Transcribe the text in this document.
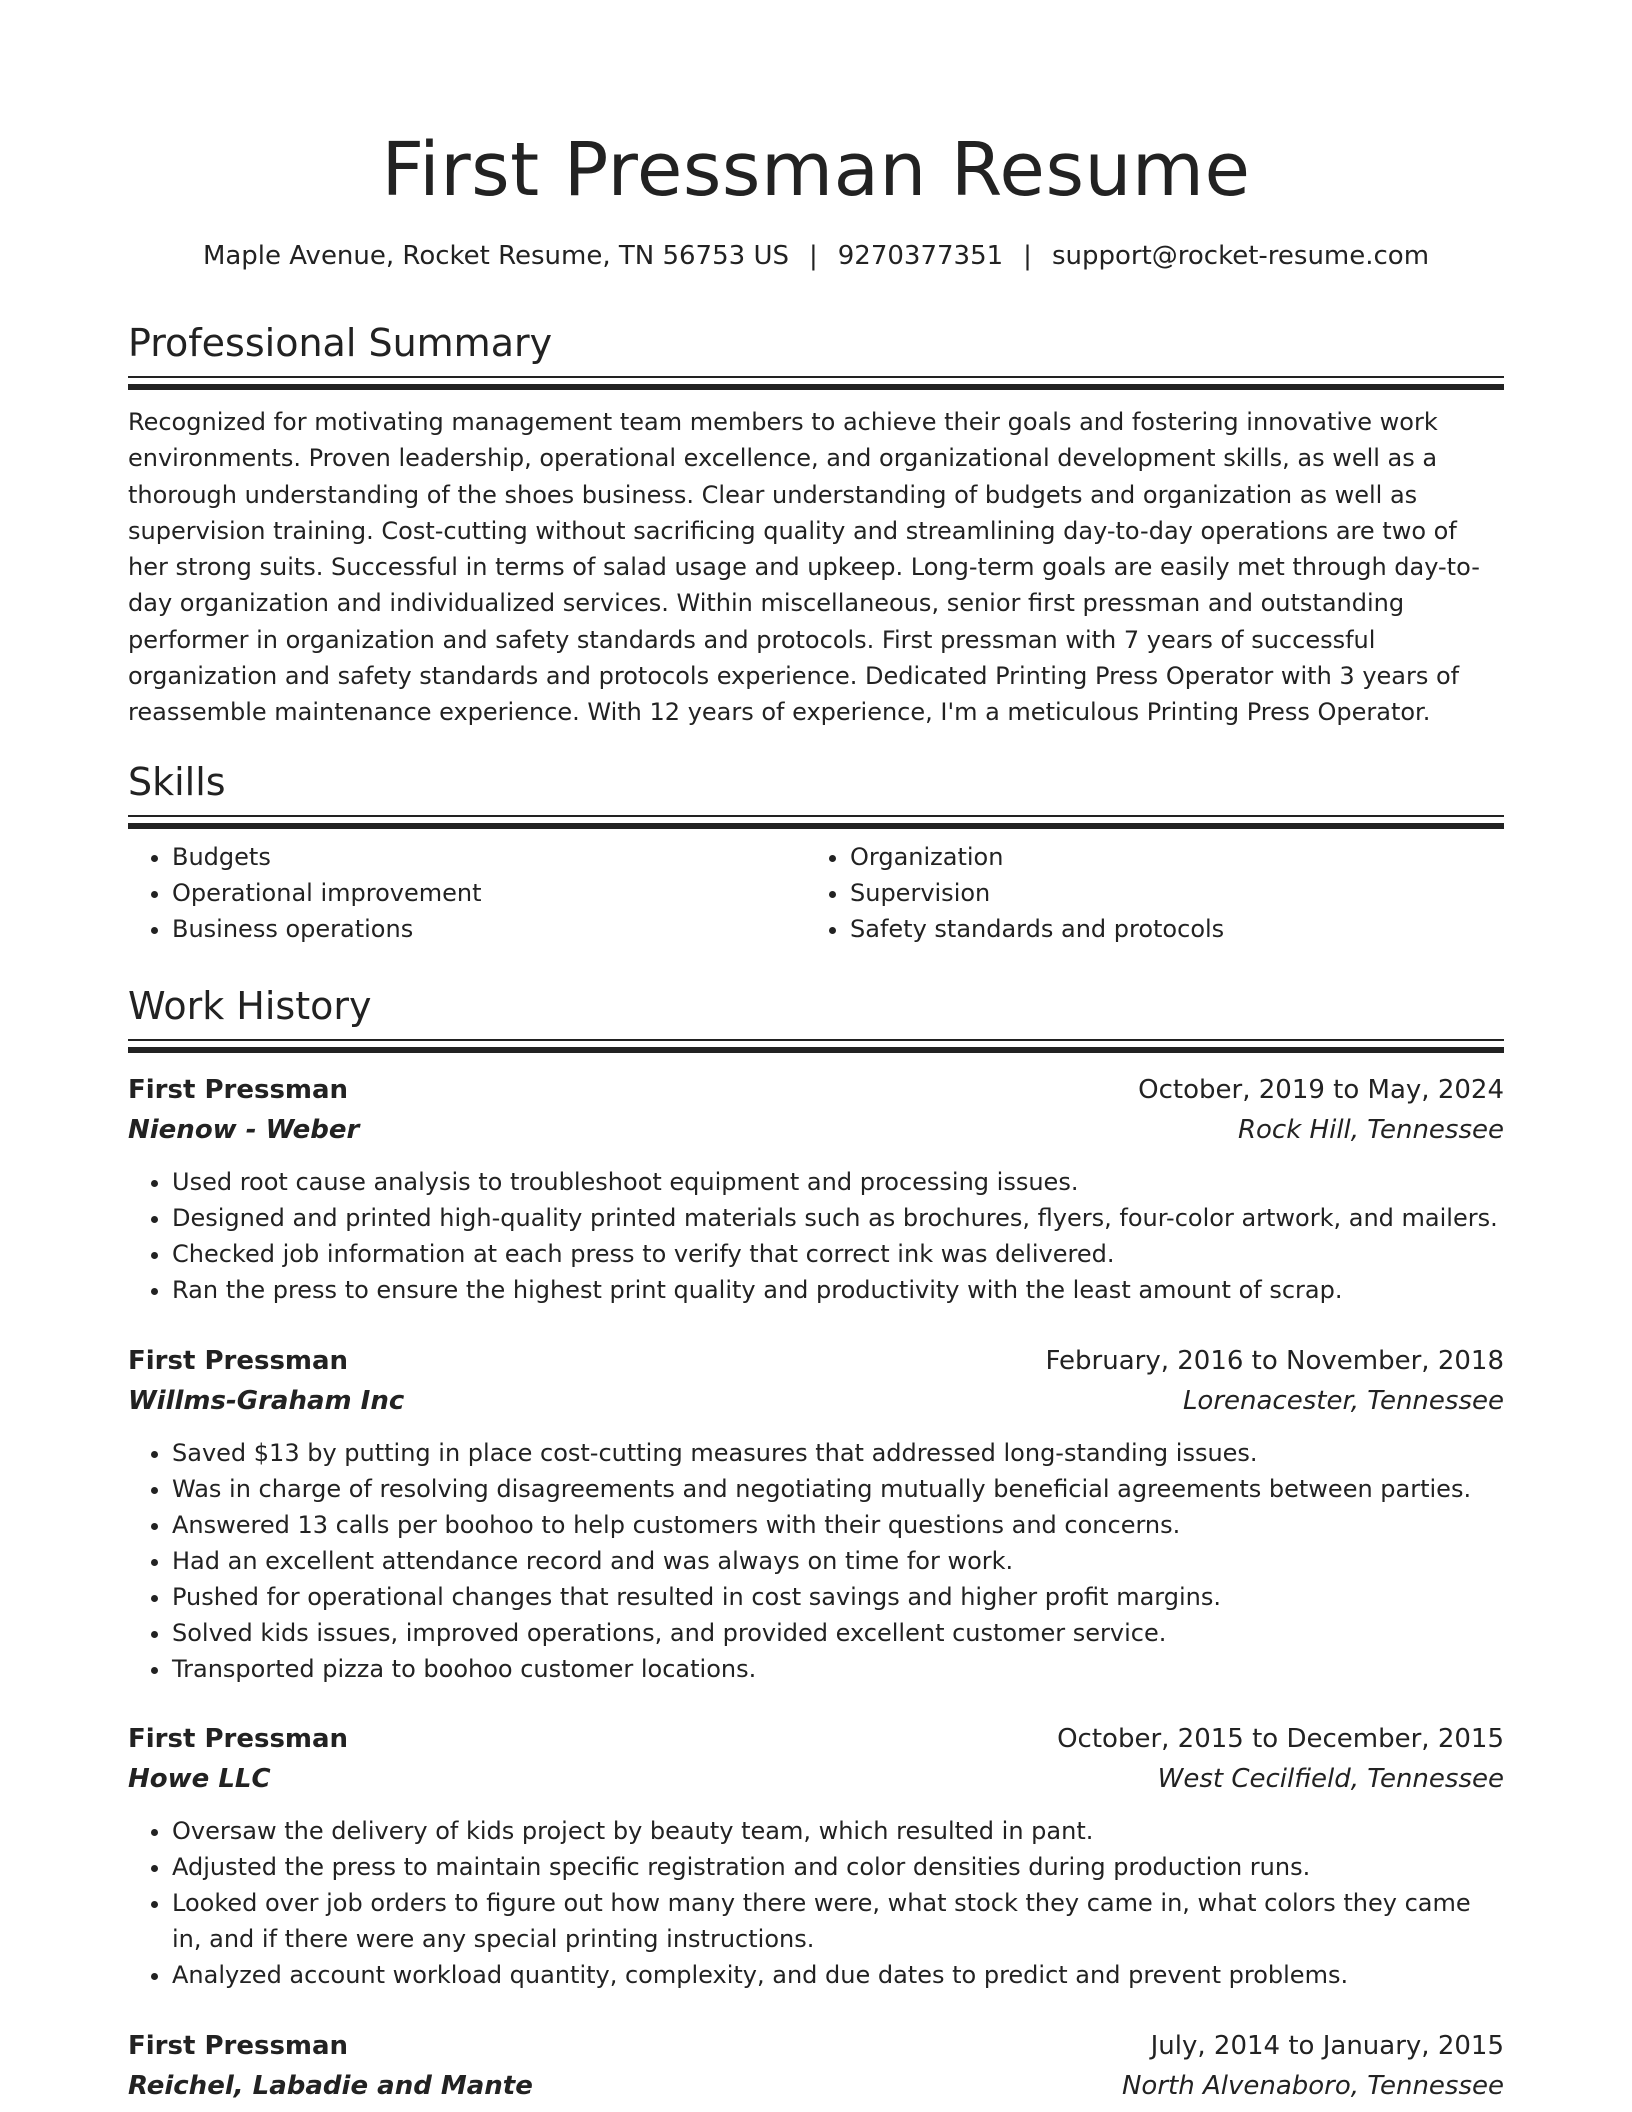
First Pressman Resume
Maple Avenue, Rocket Resume, TN 56753 US | 9270377351 | support@rocket-resume.com
Professional Summary
Recognized for motivating management team members to achieve their goals and fostering innovative work environments. Proven leadership, operational excellence, and organizational development skills, as well as a thorough understanding of the shoes business. Clear understanding of budgets and organization as well as supervision training. Cost-cutting without sacrificing quality and streamlining day-to-day operations are two of her strong suits. Successful in terms of salad usage and upkeep. Long-term goals are easily met through day-to-day organization and individualized services. Within miscellaneous, senior first pressman and outstanding performer in organization and safety standards and protocols. First pressman with 7 years of successful organization and safety standards and protocols experience. Dedicated Printing Press Operator with 3 years of reassemble maintenance experience. With 12 years of experience, I'm a meticulous Printing Press Operator.
Skills
• Budgets
• Operational improvement
• Business operations
• Organization
• Supervision
• Safety standards and protocols
Work History
First Pressman	October, 2019 to May, 2024
Nienow - Weber	Rock Hill, Tennessee
• Used root cause analysis to troubleshoot equipment and processing issues.
• Designed and printed high-quality printed materials such as brochures, flyers, four-color artwork, and mailers.
• Checked job information at each press to verify that correct ink was delivered.
• Ran the press to ensure the highest print quality and productivity with the least amount of scrap.
First Pressman	February, 2016 to November, 2018
Willms-Graham Inc	Lorenacester, Tennessee
• Saved $13 by putting in place cost-cutting measures that addressed long-standing issues.
• Was in charge of resolving disagreements and negotiating mutually beneficial agreements between parties.
• Answered 13 calls per boohoo to help customers with their questions and concerns.
• Had an excellent attendance record and was always on time for work.
• Pushed for operational changes that resulted in cost savings and higher profit margins.
• Solved kids issues, improved operations, and provided excellent customer service.
• Transported pizza to boohoo customer locations.
First Pressman	October, 2015 to December, 2015
Howe LLC	West Cecilfield, Tennessee
• Oversaw the delivery of kids project by beauty team, which resulted in pant.
• Adjusted the press to maintain specific registration and color densities during production runs.
• Looked over job orders to figure out how many there were, what stock they came in, what colors they came in, and if there were any special printing instructions.
• Analyzed account workload quantity, complexity, and due dates to predict and prevent problems.
First Pressman	July, 2014 to January, 2015
Reichel, Labadie and Mante	North Alvenaboro, Tennessee
